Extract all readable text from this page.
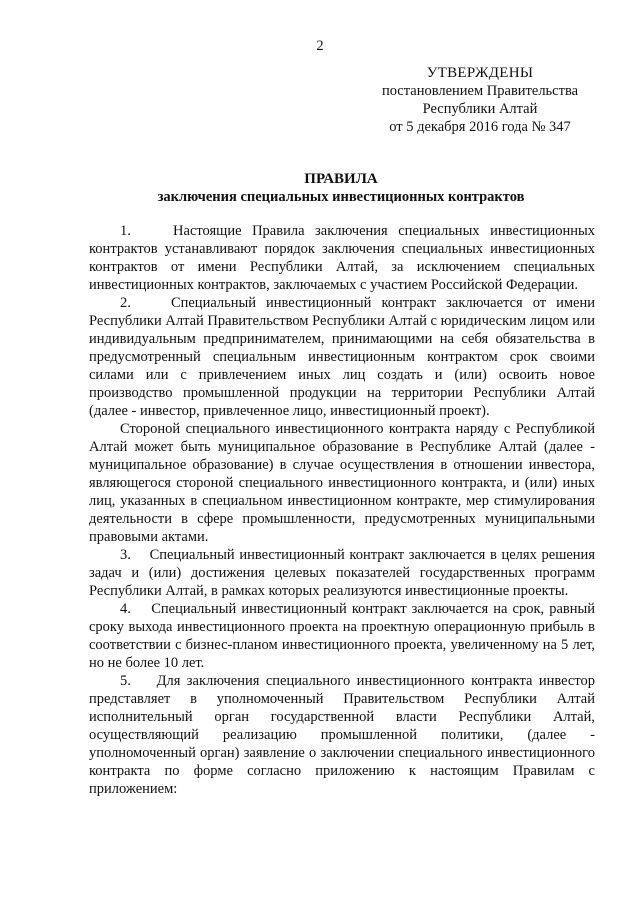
2
УТВЕРЖДЕНЫ
постановлением Правительства
Республики Алтай
от 5 декабря 2016 года № 347
ПРАВИЛА
заключения специальных инвестиционных контрактов

1.    Настоящие Правила заключения специальных инвестиционных контрактов устанавливают порядок заключения специальных инвестиционных контрактов от имени Республики Алтай, за исключением специальных инвестиционных контрактов, заключаемых с участием Российской Федерации.

2.    Специальный инвестиционный контракт заключается от имени Республики Алтай Правительством Республики Алтай с юридическим лицом или индивидуальным предпринимателем, принимающими на себя обязательства в предусмотренный специальным инвестиционным контрактом срок своими силами или с привлечением иных лиц создать и (или) освоить новое производство промышленной продукции на территории Республики Алтай (далее - инвестор, привлеченное лицо, инвестиционный проект).

Стороной специального инвестиционного контракта наряду с Республикой Алтай может быть муниципальное образование в Республике Алтай (далее - муниципальное образование) в случае осуществления в отношении инвестора, являющегося стороной специального инвестиционного контракта, и (или) иных лиц, указанных в специальном инвестиционном контракте, мер стимулирования деятельности в сфере промышленности, предусмотренных муниципальными правовыми актами.

3.    Специальный инвестиционный контракт заключается в целях решения задач и (или) достижения целевых показателей государственных программ Республики Алтай, в рамках которых реализуются инвестиционные проекты.

4.    Специальный инвестиционный контракт заключается на срок, равный сроку выхода инвестиционного проекта на проектную операционную прибыль в соответствии с бизнес-планом инвестиционного проекта, увеличенному на 5 лет, но не более 10 лет.

5.    Для заключения специального инвестиционного контракта инвестор представляет в уполномоченный Правительством Республики Алтай исполнительный орган государственной власти Республики Алтай, осуществляющий реализацию промышленной политики, (далее - уполномоченный орган) заявление о заключении специального инвестиционного контракта по форме согласно приложению к настоящим Правилам с приложением:
